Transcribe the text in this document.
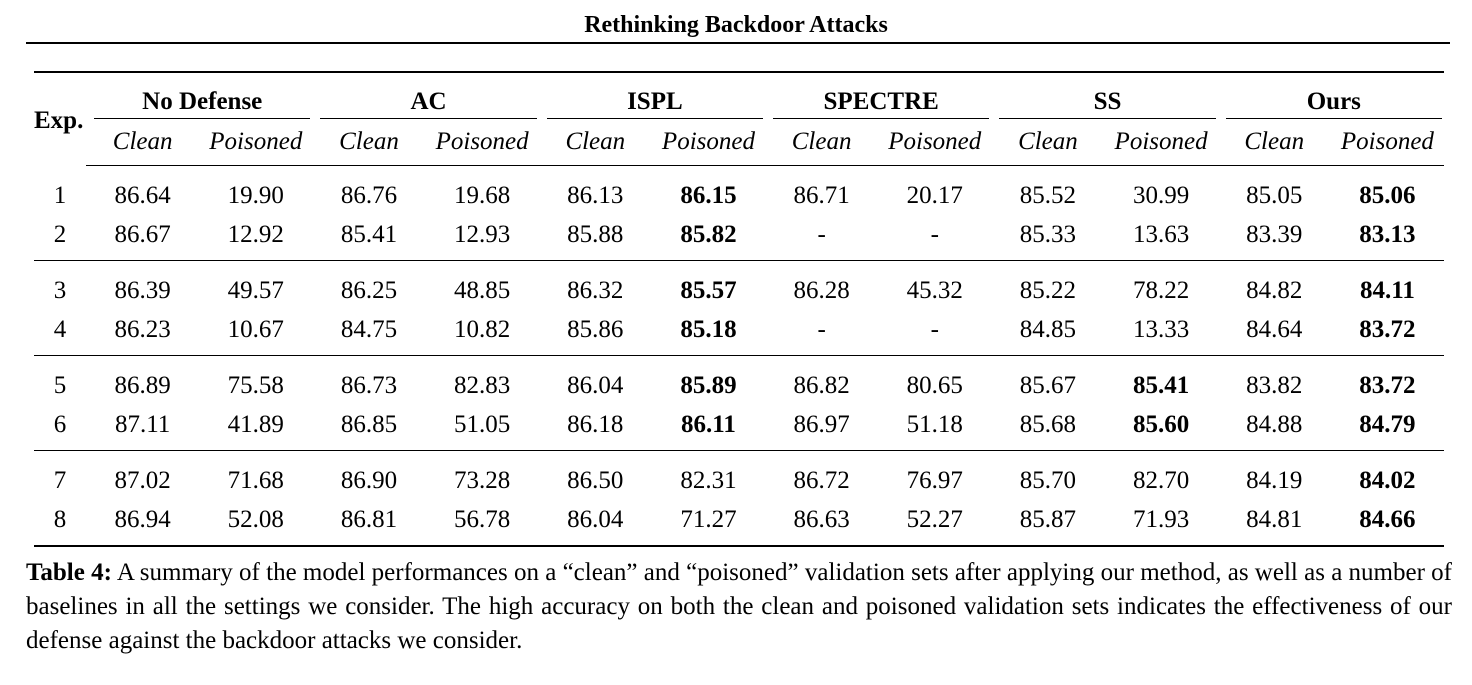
Rethinking Backdoor Attacks
Exp.	No Defense		AC		ISPL		SPECTRE		SS		Ours	

	Clean	Poisoned	Clean	Poisoned	Clean	Poisoned	Clean	Poisoned	Clean	Poisoned	Clean	Poisoned
1	86.64	19.90	86.76	19.68	86.13	86.15	86.71	20.17	85.52	30.99	85.05	85.06
2	86.67	12.92	85.41	12.93	85.88	85.82	-	-	85.33	13.63	83.39	83.13
3	86.39	49.57	86.25	48.85	86.32	85.57	86.28	45.32	85.22	78.22	84.82	84.11
4	86.23	10.67	84.75	10.82	85.86	85.18	-	-	84.85	13.33	84.64	83.72
5	86.89	75.58	86.73	82.83	86.04	85.89	86.82	80.65	85.67	85.41	83.82	83.72
6	87.11	41.89	86.85	51.05	86.18	86.11	86.97	51.18	85.68	85.60	84.88	84.79
7	87.02	71.68	86.90	73.28	86.50	82.31	86.72	76.97	85.70	82.70	84.19	84.02
8	86.94	52.08	86.81	56.78	86.04	71.27	86.63	52.27	85.87	71.93	84.81	84.66
Table 4: A summary of the model performances on a “clean” and “poisoned” validation sets after applying our method, as well as a number of baselines in all the settings we consider. The high accuracy on both the clean and poisoned validation sets indicates the effectiveness of our defense against the backdoor attacks we consider.
